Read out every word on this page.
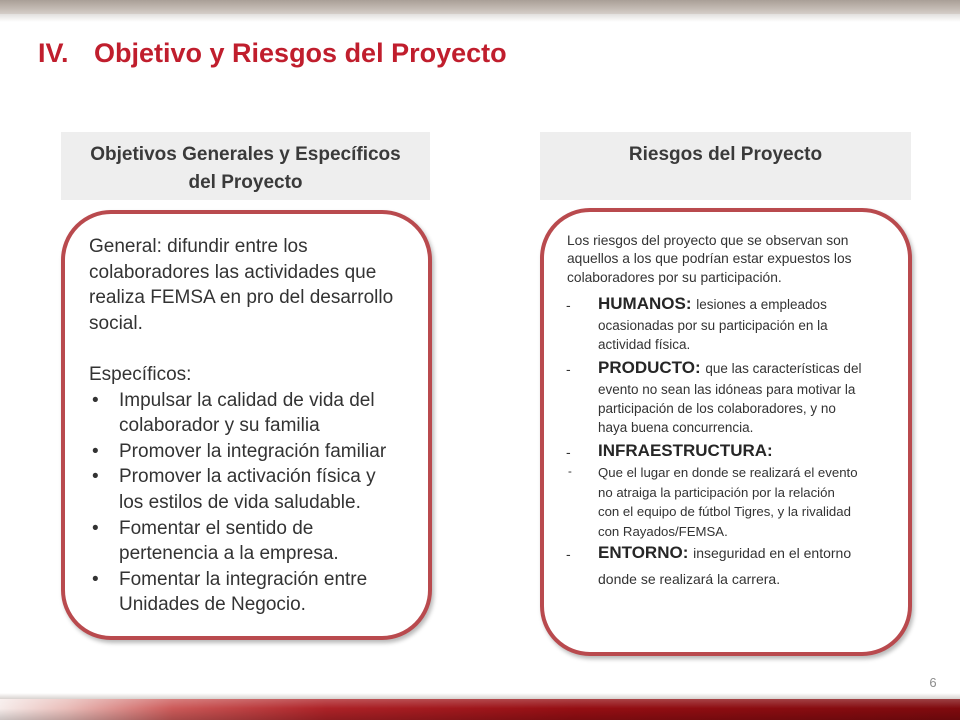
IV. Objetivo y Riesgos del Proyecto
Objetivos Generales y Específicos
del Proyecto
Riesgos del Proyecto
General: difundir entre los
colaboradores las actividades que
realiza FEMSA en pro del desarrollo
social.
Específicos:
• Impulsar la calidad de vida del
colaborador y su familia
• Promover la integración familiar
• Promover la activación física y
los estilos de vida saludable.
• Fomentar el sentido de
pertenencia a la empresa.
• Fomentar la integración entre
Unidades de Negocio.
Los riesgos del proyecto que se observan son
aquellos a los que podrían estar expuestos los
colaboradores por su participación.
- HUMANOS: lesiones a empleados
ocasionadas por su participación en la
actividad física.
- PRODUCTO: que las características del
evento no sean las idóneas para motivar la
participación de los colaboradores, y no
haya buena concurrencia.
- INFRAESTRUCTURA:
- Que el lugar en donde se realizará el evento
no atraiga la participación por la relación
con el equipo de fútbol Tigres, y la rivalidad
con Rayados/FEMSA.
- ENTORNO: inseguridad en el entorno
donde se realizará la carrera.
6
